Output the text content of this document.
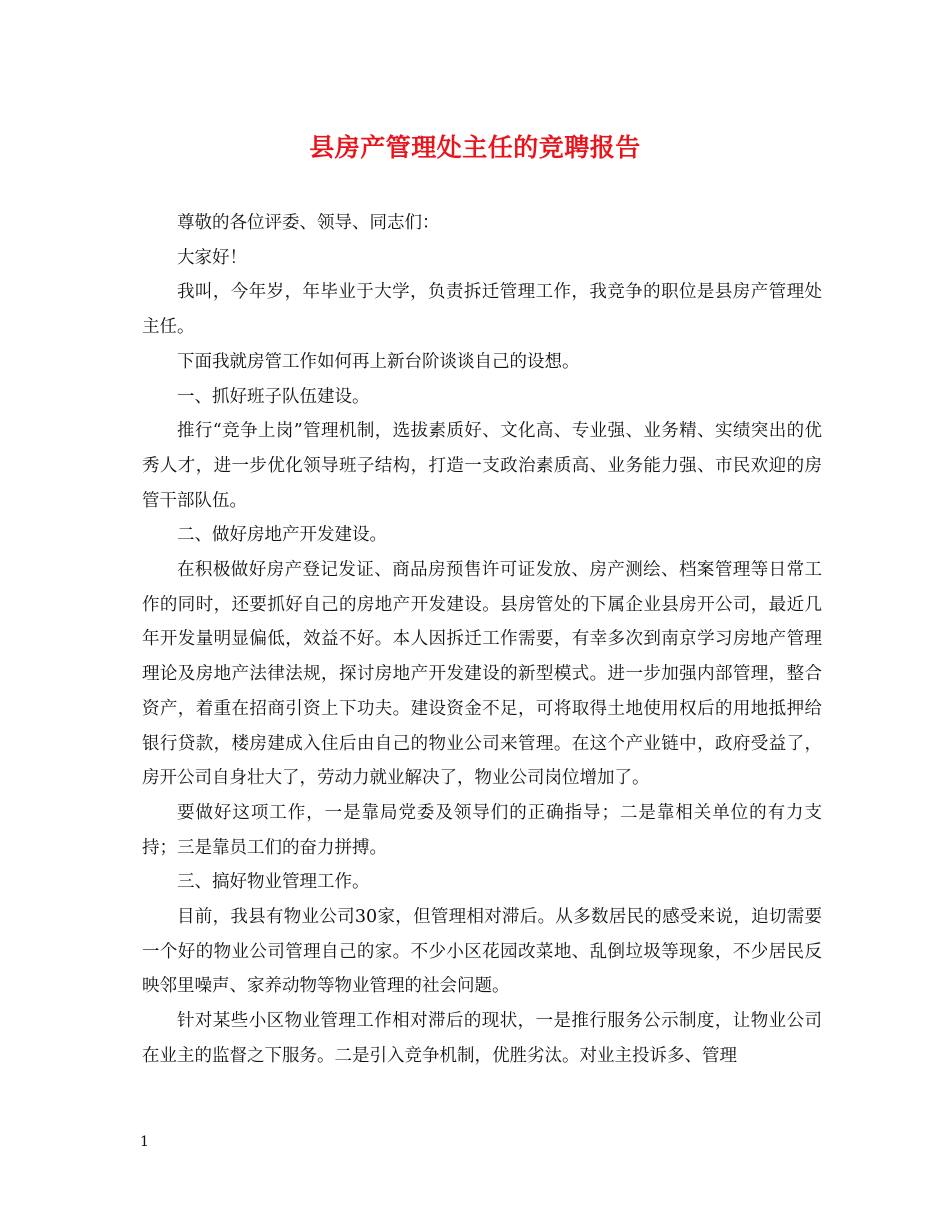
县房产管理处主任的竞聘报告

尊敬的各位评委、领导、同志们：

大家好！

我叫，今年岁，年毕业于大学，负责拆迁管理工作，我竞争的职位是县房产管理处主任。

下面我就房管工作如何再上新台阶谈谈自己的设想。

一、抓好班子队伍建设。

推行“竞争上岗”管理机制，选拔素质好、文化高、专业强、业务精、实绩突出的优秀人才，进一步优化领导班子结构，打造一支政治素质高、业务能力强、市民欢迎的房管干部队伍。

二、做好房地产开发建设。

在积极做好房产登记发证、商品房预售许可证发放、房产测绘、档案管理等日常工作的同时，还要抓好自己的房地产开发建设。县房管处的下属企业县房开公司，最近几年开发量明显偏低，效益不好。本人因拆迁工作需要，有幸多次到南京学习房地产管理理论及房地产法律法规，探讨房地产开发建设的新型模式。进一步加强内部管理，整合资产，着重在招商引资上下功夫。建设资金不足，可将取得土地使用权后的用地抵押给银行贷款，楼房建成入住后由自己的物业公司来管理。在这个产业链中，政府受益了，房开公司自身壮大了，劳动力就业解决了，物业公司岗位增加了。

要做好这项工作，一是靠局党委及领导们的正确指导；二是靠相关单位的有力支持；三是靠员工们的奋力拼搏。

三、搞好物业管理工作。

目前，我县有物业公司30家，但管理相对滞后。从多数居民的感受来说，迫切需要一个好的物业公司管理自己的家。不少小区花园改菜地、乱倒垃圾等现象，不少居民反映邻里噪声、家养动物等物业管理的社会问题。

针对某些小区物业管理工作相对滞后的现状，一是推行服务公示制度，让物业公司在业主的监督之下服务。二是引入竞争机制，优胜劣汰。对业主投诉多、管理

1
